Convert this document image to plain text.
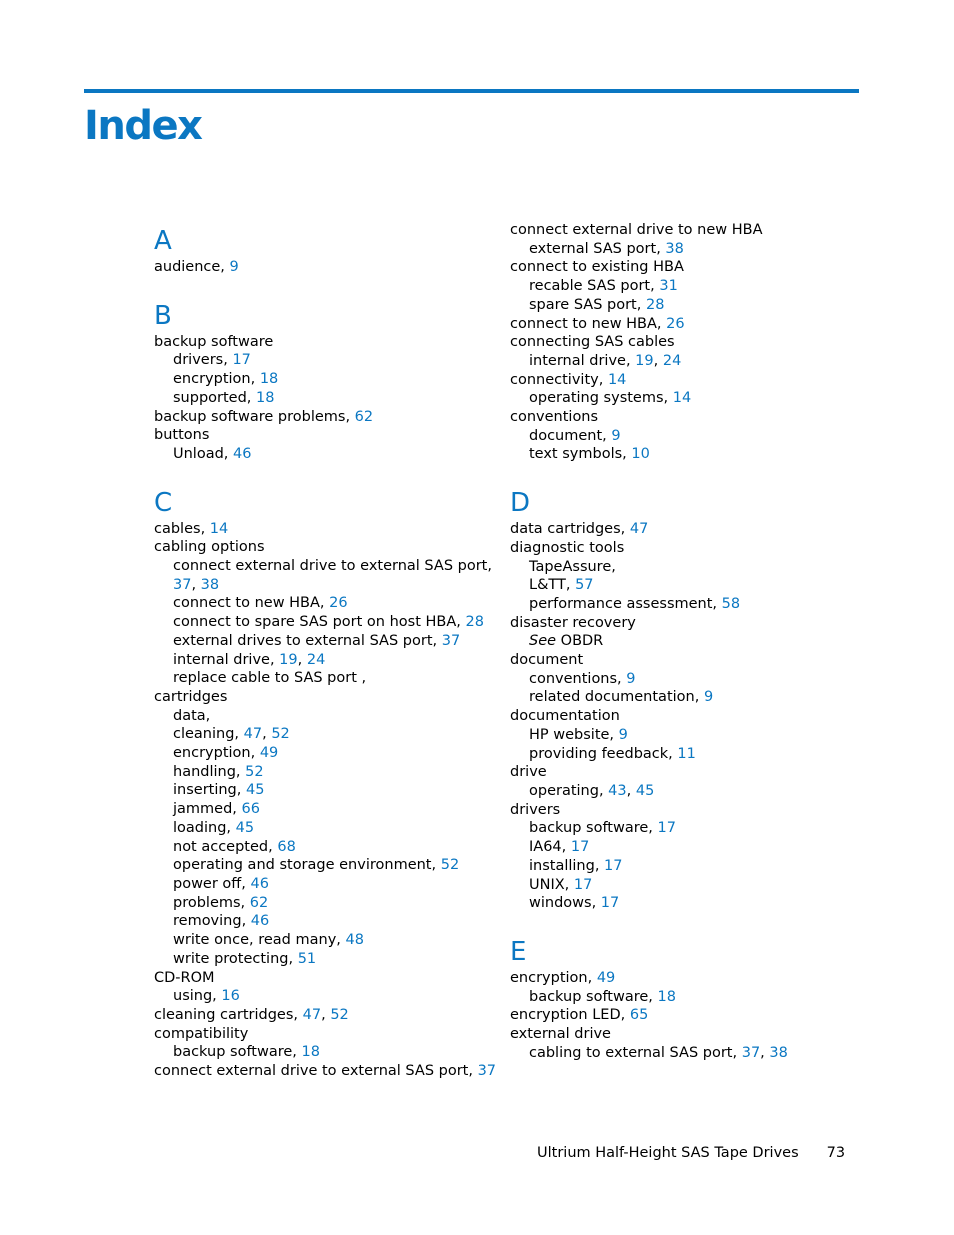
Index
A
audience, 9
B
backup software
drivers, 17
encryption, 18
supported, 18
backup software problems, 62
buttons
Unload, 46
C
cables, 14
cabling options
connect external drive to external SAS port,
37, 38
connect to new HBA, 26
connect to spare SAS port on host HBA, 28
external drives to external SAS port, 37
internal drive, 19, 24
replace cable to SAS port ,
cartridges
data,
cleaning, 47, 52
encryption, 49
handling, 52
inserting, 45
jammed, 66
loading, 45
not accepted, 68
operating and storage environment, 52
power off, 46
problems, 62
removing, 46
write once, read many, 48
write protecting, 51
CD-ROM
using, 16
cleaning cartridges, 47, 52
compatibility
backup software, 18
connect external drive to external SAS port, 37
connect external drive to new HBA
external SAS port, 38
connect to existing HBA
recable SAS port, 31
spare SAS port, 28
connect to new HBA, 26
connecting SAS cables
internal drive, 19, 24
connectivity, 14
operating systems, 14
conventions
document, 9
text symbols, 10
D
data cartridges, 47
diagnostic tools
TapeAssure,
L&TT, 57
performance assessment, 58
disaster recovery
See OBDR
document
conventions, 9
related documentation, 9
documentation
HP website, 9
providing feedback, 11
drive
operating, 43, 45
drivers
backup software, 17
IA64, 17
installing, 17
UNIX, 17
windows, 17
E
encryption, 49
backup software, 18
encryption LED, 65
external drive
cabling to external SAS port, 37, 38
Ultrium Half-Height SAS Tape Drives 73
